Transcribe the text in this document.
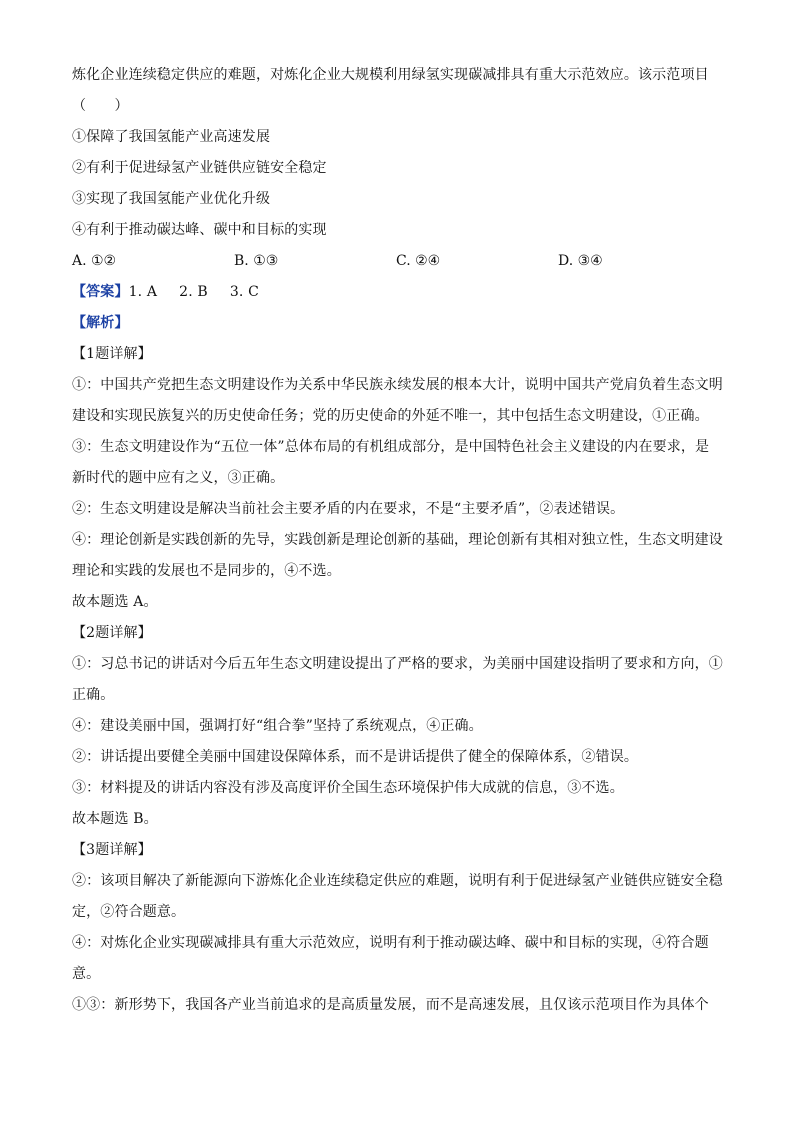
炼化企业连续稳定供应的难题，对炼化企业大规模利用绿氢实现碳减排具有重大示范效应。该示范项目
（　　）
①保障了我国氢能产业高速发展
②有利于促进绿氢产业链供应链安全稳定
③实现了我国氢能产业优化升级
④有利于推动碳达峰、碳中和目标的实现
A. ①②	B. ①③	C. ②④	D. ③④
【答案】1. A 2. B 3. C
【解析】
【1题详解】
①：中国共产党把生态文明建设作为关系中华民族永续发展的根本大计，说明中国共产党肩负着生态文明
建设和实现民族复兴的历史使命任务；党的历史使命的外延不唯一，其中包括生态文明建设，①正确。
③：生态文明建设作为“五位一体”总体布局的有机组成部分，是中国特色社会主义建设的内在要求，是
新时代的题中应有之义，③正确。
②：生态文明建设是解决当前社会主要矛盾的内在要求，不是“主要矛盾”，②表述错误。
④：理论创新是实践创新的先导，实践创新是理论创新的基础，理论创新有其相对独立性，生态文明建设
理论和实践的发展也不是同步的，④不选。
故本题选 A。
【2题详解】
①：习总书记的讲话对今后五年生态文明建设提出了严格的要求，为美丽中国建设指明了要求和方向，①
正确。
④：建设美丽中国，强调打好“组合拳”坚持了系统观点，④正确。
②：讲话提出要健全美丽中国建设保障体系，而不是讲话提供了健全的保障体系，②错误。
③：材料提及的讲话内容没有涉及高度评价全国生态环境保护伟大成就的信息，③不选。
故本题选 B。
【3题详解】
②：该项目解决了新能源向下游炼化企业连续稳定供应的难题，说明有利于促进绿氢产业链供应链安全稳
定，②符合题意。
④：对炼化企业实现碳减排具有重大示范效应，说明有利于推动碳达峰、碳中和目标的实现，④符合题
意。
①③：新形势下，我国各产业当前追求的是高质量发展，而不是高速发展，且仅该示范项目作为具体个
